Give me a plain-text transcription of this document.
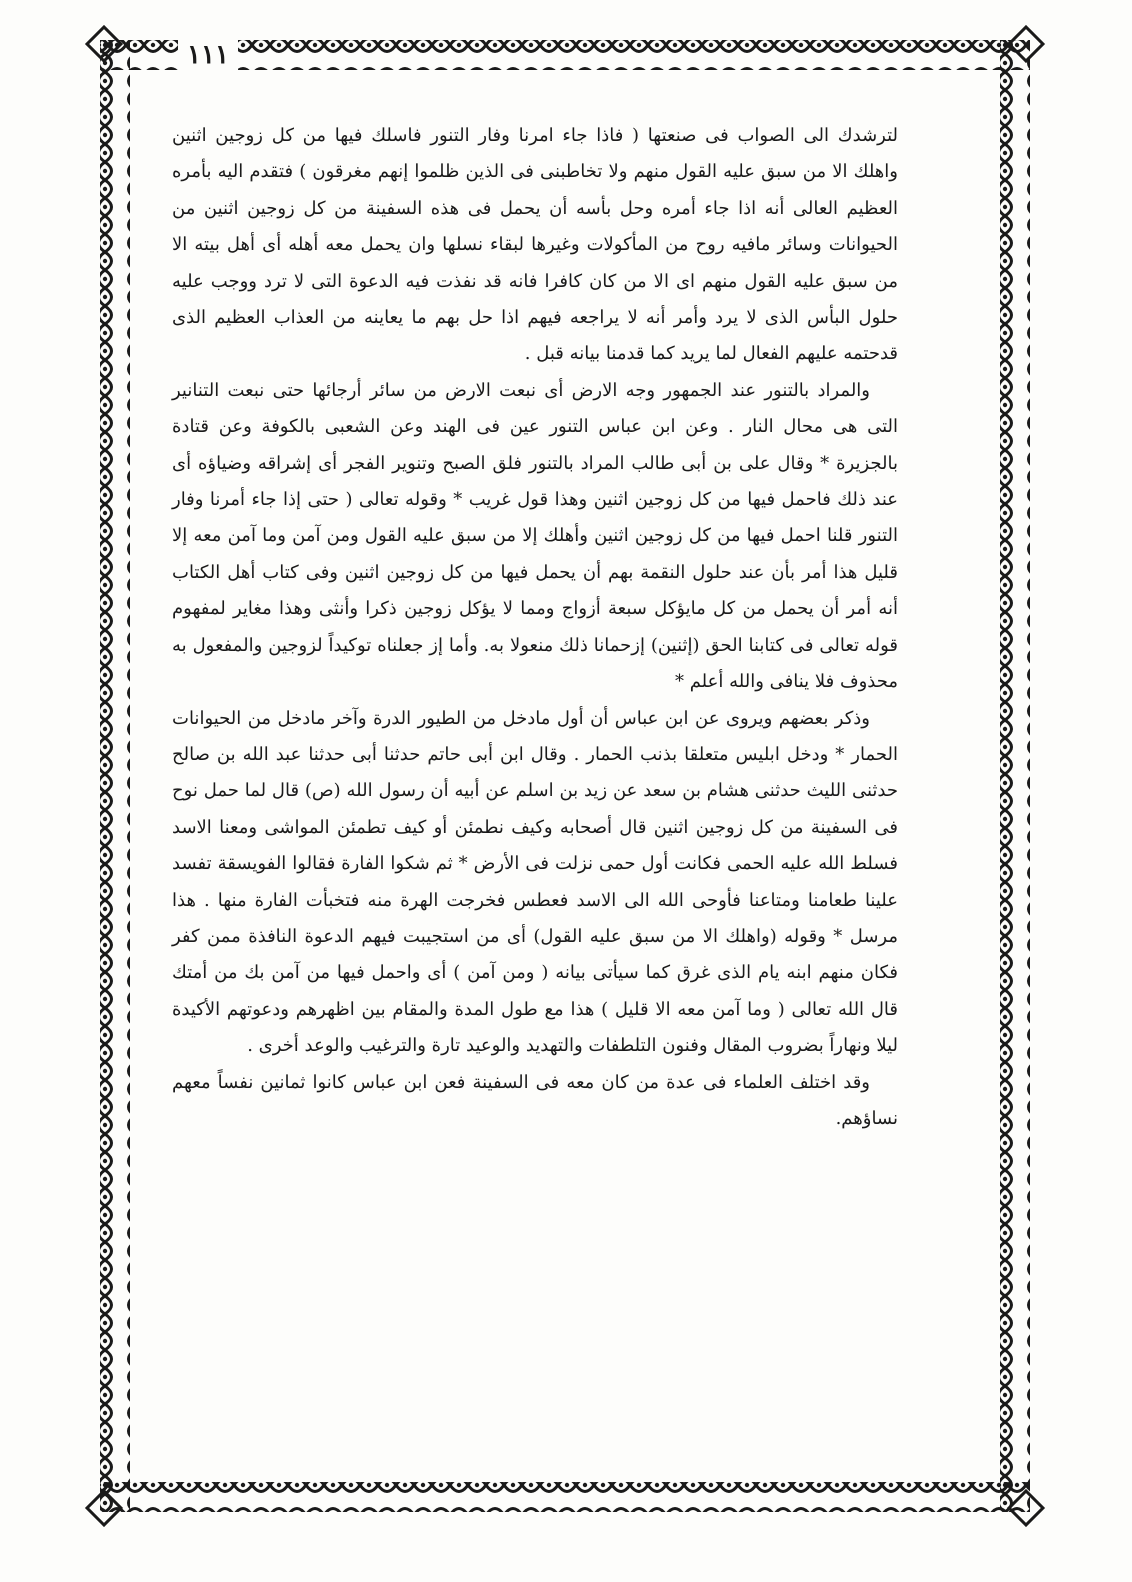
١١١

لترشدك الى الصواب فى صنعتها ( فاذا جاء امرنا وفار التنور فاسلك فيها من كل زوجين اثنين واهلك الا من سبق عليه القول منهم ولا تخاطبنى فى الذين ظلموا إنهم مغرقون ) فتقدم اليه بأمره العظيم العالى أنه اذا جاء أمره وحل بأسه أن يحمل فى هذه السفينة من كل زوجين اثنين من الحيوانات وسائر مافيه روح من المأكولات وغيرها لبقاء نسلها وان يحمل معه أهله أى أهل بيته الا من سبق عليه القول منهم اى الا من كان كافرا فانه قد نفذت فيه الدعوة التى لا ترد ووجب عليه حلول البأس الذى لا يرد وأمر أنه لا يراجعه فيهم اذا حل بهم ما يعاينه من العذاب العظيم الذى قدحتمه عليهم الفعال لما يريد كما قدمنا بيانه قبل .

والمراد بالتنور عند الجمهور وجه الارض أى نبعت الارض من سائر أرجائها حتى نبعت التنانير التى هى محال النار . وعن ابن عباس التنور عين فى الهند وعن الشعبى بالكوفة وعن قتادة بالجزيرة * وقال على بن أبى طالب المراد بالتنور فلق الصبح وتنوير الفجر أى إشراقه وضياؤه أى عند ذلك فاحمل فيها من كل زوجين اثنين وهذا قول غريب * وقوله تعالى ( حتى إذا جاء أمرنا وفار التنور قلنا احمل فيها من كل زوجين اثنين وأهلك إلا من سبق عليه القول ومن آمن وما آمن معه إلا قليل هذا أمر بأن عند حلول النقمة بهم أن يحمل فيها من كل زوجين اثنين وفى كتاب أهل الكتاب أنه أمر أن يحمل من كل مايؤكل سبعة أزواج ومما لا يؤكل زوجين ذكرا وأنثى وهذا مغاير لمفهوم قوله تعالى فى كتابنا الحق (إثنين) إزحمانا ذلك منعولا به. وأما إز جعلناه توكيداً لزوجين والمفعول به محذوف فلا ينافى والله أعلم *

وذكر بعضهم ويروى عن ابن عباس أن أول مادخل من الطيور الدرة وآخر مادخل من الحيوانات الحمار * ودخل ابليس متعلقا بذنب الحمار . وقال ابن أبى حاتم حدثنا أبى حدثنا عبد الله بن صالح حدثنى الليث حدثنى هشام بن سعد عن زيد بن اسلم عن أبيه أن رسول الله (ص) قال لما حمل نوح فى السفينة من كل زوجين اثنين قال أصحابه وكيف نطمئن أو كيف تطمئن المواشى ومعنا الاسد فسلط الله عليه الحمى فكانت أول حمى نزلت فى الأرض * ثم شكوا الفارة فقالوا الفويسقة تفسد علينا طعامنا ومتاعنا فأوحى الله الى الاسد فعطس فخرجت الهرة منه فتخبأت الفارة منها . هذا مرسل * وقوله (واهلك الا من سبق عليه القول) أى من استجيبت فيهم الدعوة النافذة ممن كفر فكان منهم ابنه يام الذى غرق كما سيأتى بيانه ( ومن آمن ) أى واحمل فيها من آمن بك من أمتك قال الله تعالى ( وما آمن معه الا قليل ) هذا مع طول المدة والمقام بين اظهرهم ودعوتهم الأكيدة ليلا ونهاراً بضروب المقال وفنون التلطفات والتهديد والوعيد تارة والترغيب والوعد أخرى .

وقد اختلف العلماء فى عدة من كان معه فى السفينة فعن ابن عباس كانوا ثمانين نفساً معهم نساؤهم.
